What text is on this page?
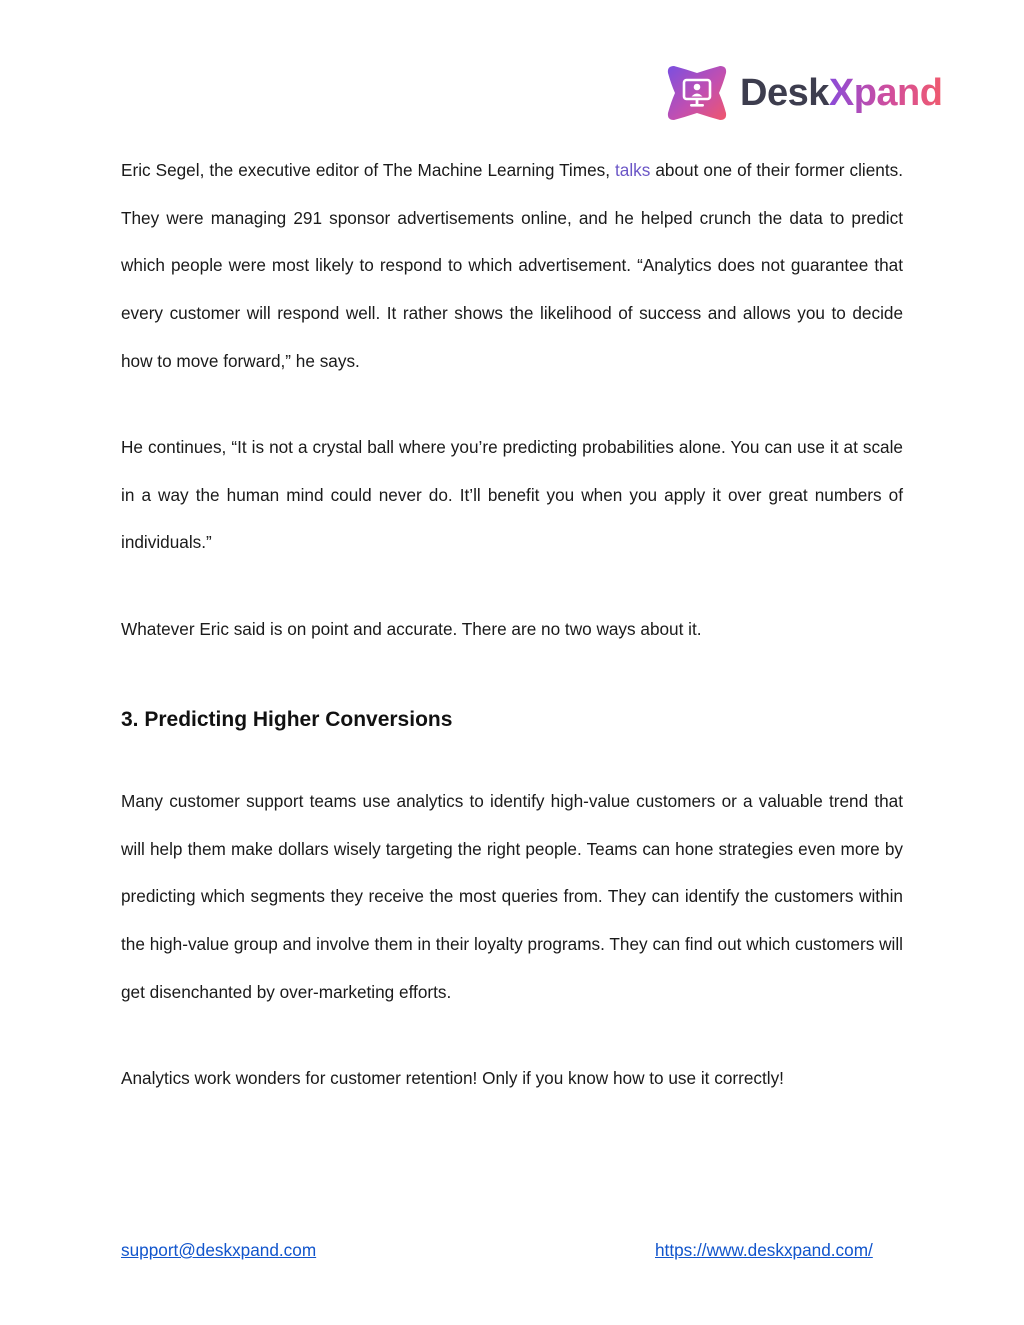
DeskXpand

Eric Segel, the executive editor of The Machine Learning Times, talks about one of their former clients. They were managing 291 sponsor advertisements online, and he helped crunch the data to predict which people were most likely to respond to which advertisement. “Analytics does not guarantee that every customer will respond well. It rather shows the likelihood of success and allows you to decide how to move forward,” he says.

He continues, “It is not a crystal ball where you’re predicting probabilities alone. You can use it at scale in a way the human mind could never do. It’ll benefit you when you apply it over great numbers of individuals.”

Whatever Eric said is on point and accurate. There are no two ways about it.

3. Predicting Higher Conversions

Many customer support teams use analytics to identify high-value customers or a valuable trend that will help them make dollars wisely targeting the right people. Teams can hone strategies even more by predicting which segments they receive the most queries from. They can identify the customers within the high-value group and involve them in their loyalty programs. They can find out which customers will get disenchanted by over-marketing efforts.

Analytics work wonders for customer retention! Only if you know how to use it correctly!

support@deskxpand.com	https://www.deskxpand.com/
